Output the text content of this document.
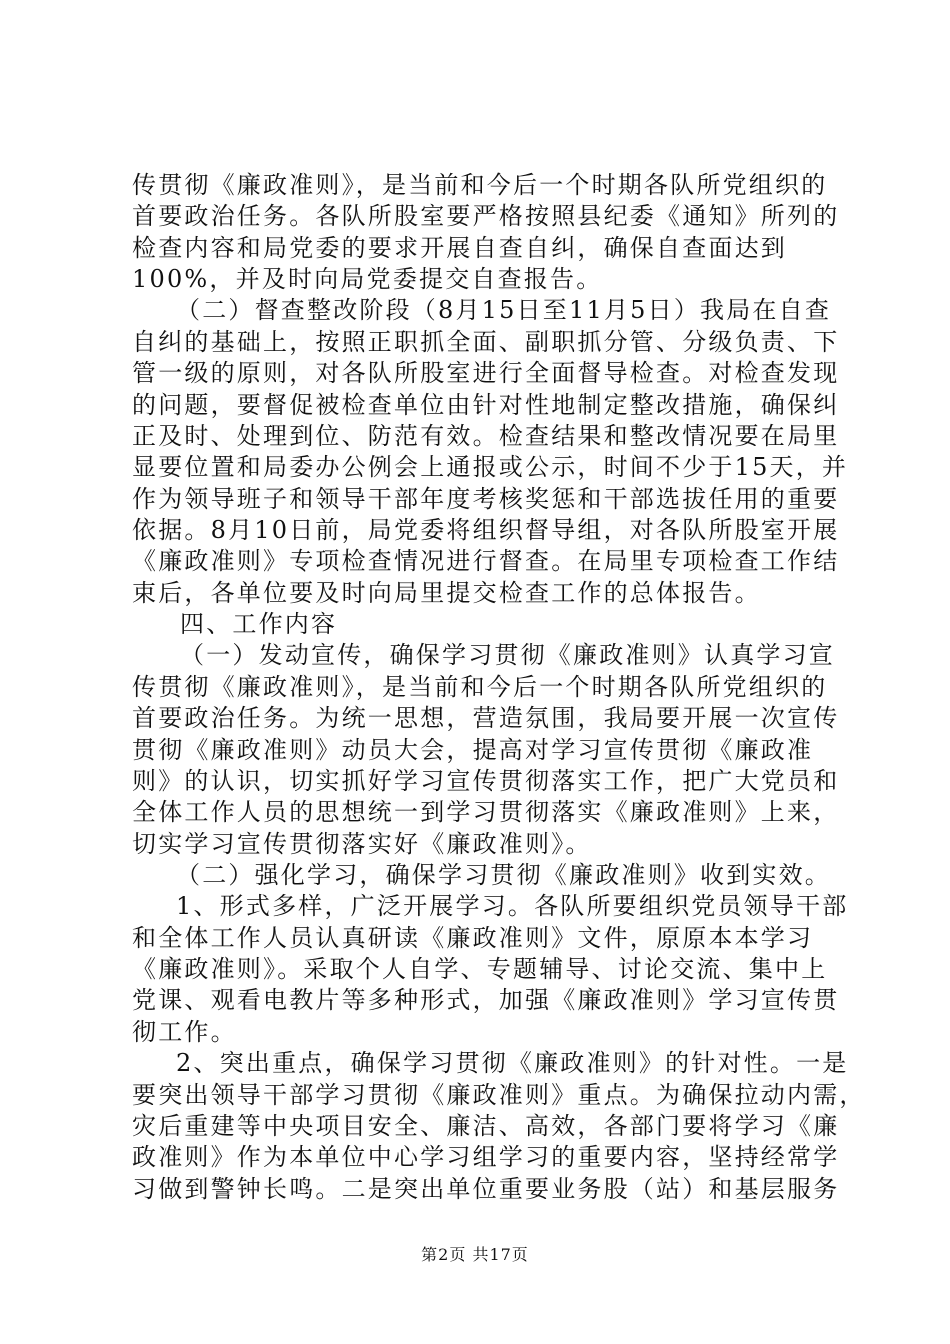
传贯彻《廉政准则》，是当前和今后一个时期各队所党组织的
首要政治任务。各队所股室要严格按照县纪委《通知》所列的
检查内容和局党委的要求开展自查自纠，确保自查面达到
100%，并及时向局党委提交自查报告。
（二）督查整改阶段（8月15日至11月5日）我局在自查
自纠的基础上，按照正职抓全面、副职抓分管、分级负责、下
管一级的原则，对各队所股室进行全面督导检查。对检查发现
的问题，要督促被检查单位由针对性地制定整改措施，确保纠
正及时、处理到位、防范有效。检查结果和整改情况要在局里
显要位置和局委办公例会上通报或公示，时间不少于15天，并
作为领导班子和领导干部年度考核奖惩和干部选拔任用的重要
依据。8月10日前，局党委将组织督导组，对各队所股室开展
《廉政准则》专项检查情况进行督查。在局里专项检查工作结
束后，各单位要及时向局里提交检查工作的总体报告。
四、工作内容
（一）发动宣传，确保学习贯彻《廉政准则》认真学习宣
传贯彻《廉政准则》，是当前和今后一个时期各队所党组织的
首要政治任务。为统一思想，营造氛围，我局要开展一次宣传
贯彻《廉政准则》动员大会，提高对学习宣传贯彻《廉政准
则》的认识，切实抓好学习宣传贯彻落实工作，把广大党员和
全体工作人员的思想统一到学习贯彻落实《廉政准则》上来，
切实学习宣传贯彻落实好《廉政准则》。
（二）强化学习，确保学习贯彻《廉政准则》收到实效。
1、形式多样，广泛开展学习。各队所要组织党员领导干部
和全体工作人员认真研读《廉政准则》文件，原原本本学习
《廉政准则》。采取个人自学、专题辅导、讨论交流、集中上
党课、观看电教片等多种形式，加强《廉政准则》学习宣传贯
彻工作。
2、突出重点，确保学习贯彻《廉政准则》的针对性。一是
要突出领导干部学习贯彻《廉政准则》重点。为确保拉动内需，
灾后重建等中央项目安全、廉洁、高效，各部门要将学习《廉
政准则》作为本单位中心学习组学习的重要内容，坚持经常学
习做到警钟长鸣。二是突出单位重要业务股（站）和基层服务
第2页 共17页
